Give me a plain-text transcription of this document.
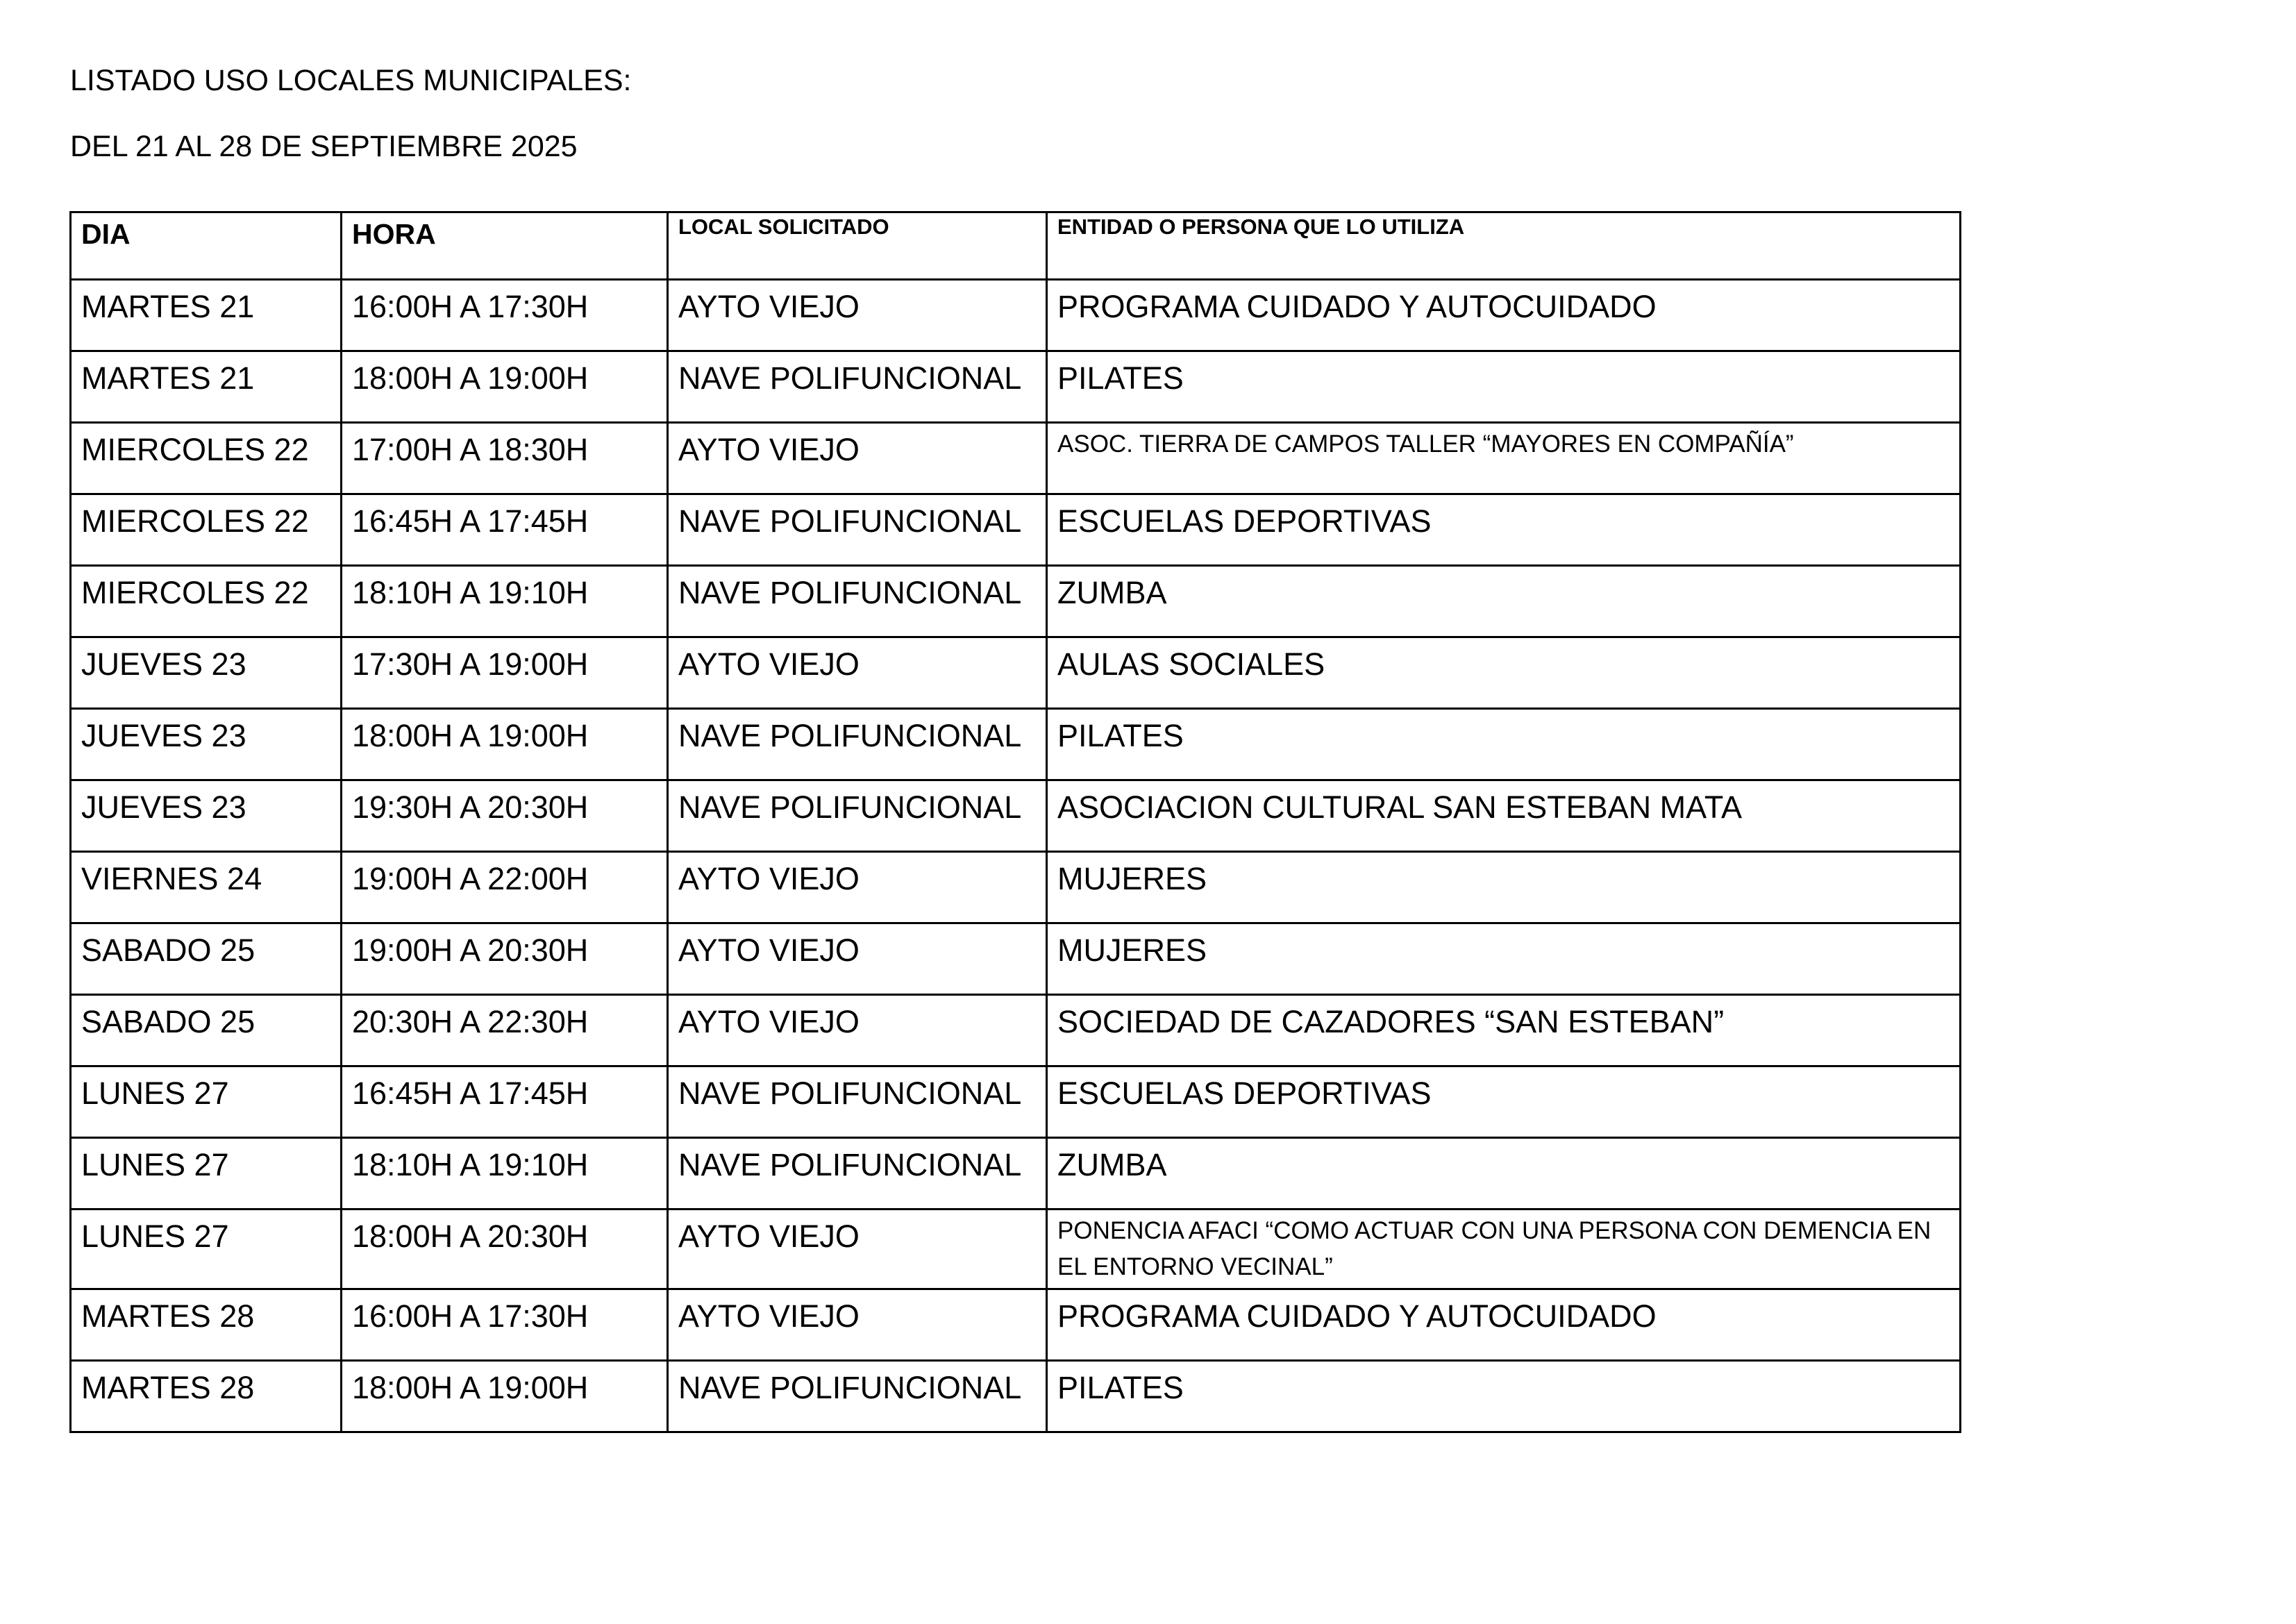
LISTADO USO LOCALES MUNICIPALES:
DEL 21 AL 28 DE SEPTIEMBRE 2025
DIA	HORA	LOCAL SOLICITADO	ENTIDAD O PERSONA QUE LO UTILIZA
MARTES 21	16:00H A 17:30H	AYTO VIEJO	PROGRAMA CUIDADO Y AUTOCUIDADO
MARTES 21	18:00H A 19:00H	NAVE POLIFUNCIONAL	PILATES
MIERCOLES 22	17:00H A 18:30H	AYTO VIEJO	ASOC. TIERRA DE CAMPOS TALLER “MAYORES EN COMPAÑÍA”
MIERCOLES 22	16:45H A 17:45H	NAVE POLIFUNCIONAL	ESCUELAS DEPORTIVAS
MIERCOLES 22	18:10H A 19:10H	NAVE POLIFUNCIONAL	ZUMBA
JUEVES 23	17:30H A 19:00H	AYTO VIEJO	AULAS SOCIALES
JUEVES 23	18:00H A 19:00H	NAVE POLIFUNCIONAL	PILATES
JUEVES 23	19:30H A 20:30H	NAVE POLIFUNCIONAL	ASOCIACION CULTURAL SAN ESTEBAN MATA
VIERNES 24	19:00H A 22:00H	AYTO VIEJO	MUJERES
SABADO 25	19:00H A 20:30H	AYTO VIEJO	MUJERES
SABADO 25	20:30H A 22:30H	AYTO VIEJO	SOCIEDAD DE CAZADORES “SAN ESTEBAN”
LUNES 27	16:45H A 17:45H	NAVE POLIFUNCIONAL	ESCUELAS DEPORTIVAS
LUNES 27	18:10H A 19:10H	NAVE POLIFUNCIONAL	ZUMBA
LUNES 27	18:00H A 20:30H	AYTO VIEJO	PONENCIA AFACI “COMO ACTUAR CON UNA PERSONA CON DEMENCIA EN EL ENTORNO VECINAL”
MARTES 28	16:00H A 17:30H	AYTO VIEJO	PROGRAMA CUIDADO Y AUTOCUIDADO
MARTES 28	18:00H A 19:00H	NAVE POLIFUNCIONAL	PILATES
